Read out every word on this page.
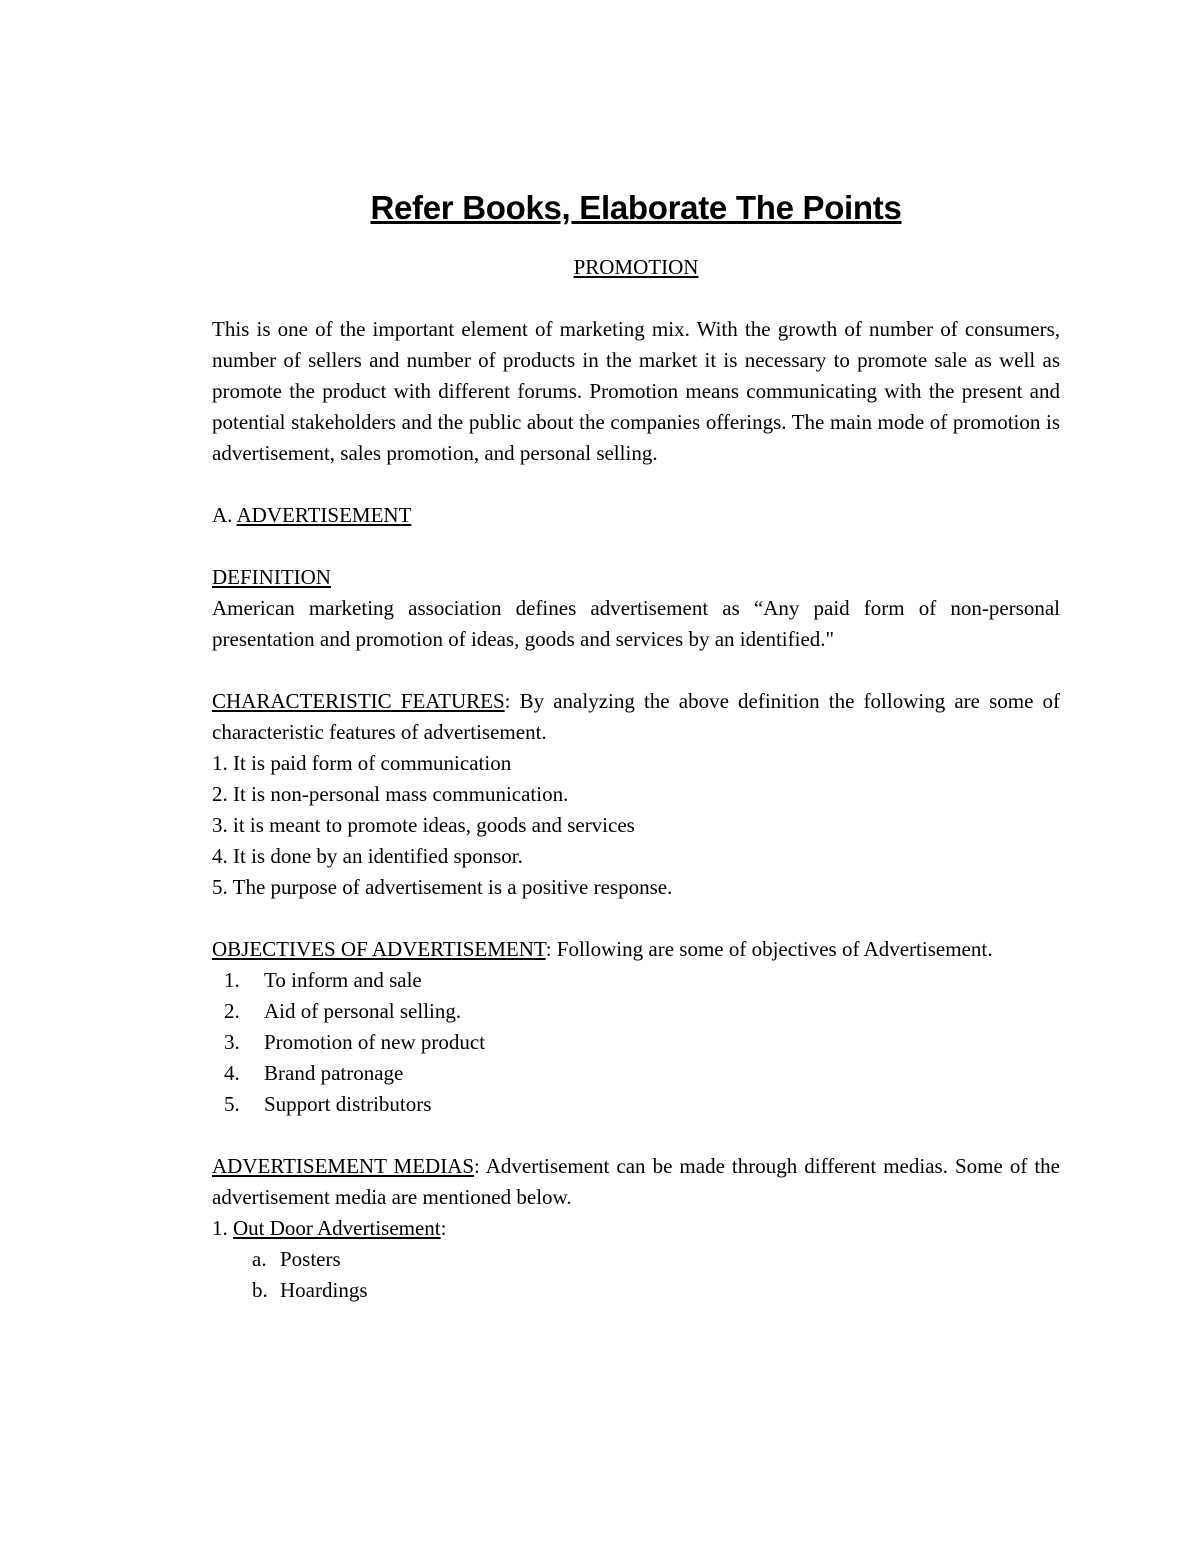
Refer Books, Elaborate The Points
PROMOTION

This is one of the important element of marketing mix. With the growth of number of consumers, number of sellers and number of products in the market it is necessary to promote sale as well as promote the product with different forums. Promotion means communicating with the present and potential stakeholders and the public about the companies offerings. The main mode of promotion is advertisement, sales promotion, and personal selling.

A. ADVERTISEMENT

DEFINITION

American marketing association defines advertisement as “Any paid form of non-personal presentation and promotion of ideas, goods and services by an identified."

CHARACTERISTIC FEATURES: By analyzing the above definition the following are some of characteristic features of advertisement.

1. It is paid form of communication
2. It is non-personal mass communication.
3. it is meant to promote ideas, goods and services
4. It is done by an identified sponsor.
5. The purpose of advertisement is a positive response.

OBJECTIVES OF ADVERTISEMENT: Following are some of objectives of Advertisement.

1.	To inform and sale
2.	Aid of personal selling.
3.	Promotion of new product
4.	Brand patronage
5.	Support distributors

ADVERTISEMENT MEDIAS: Advertisement can be made through different medias. Some of the advertisement media are mentioned below.

1. Out Door Advertisement:

a. Posters
b. Hoardings
